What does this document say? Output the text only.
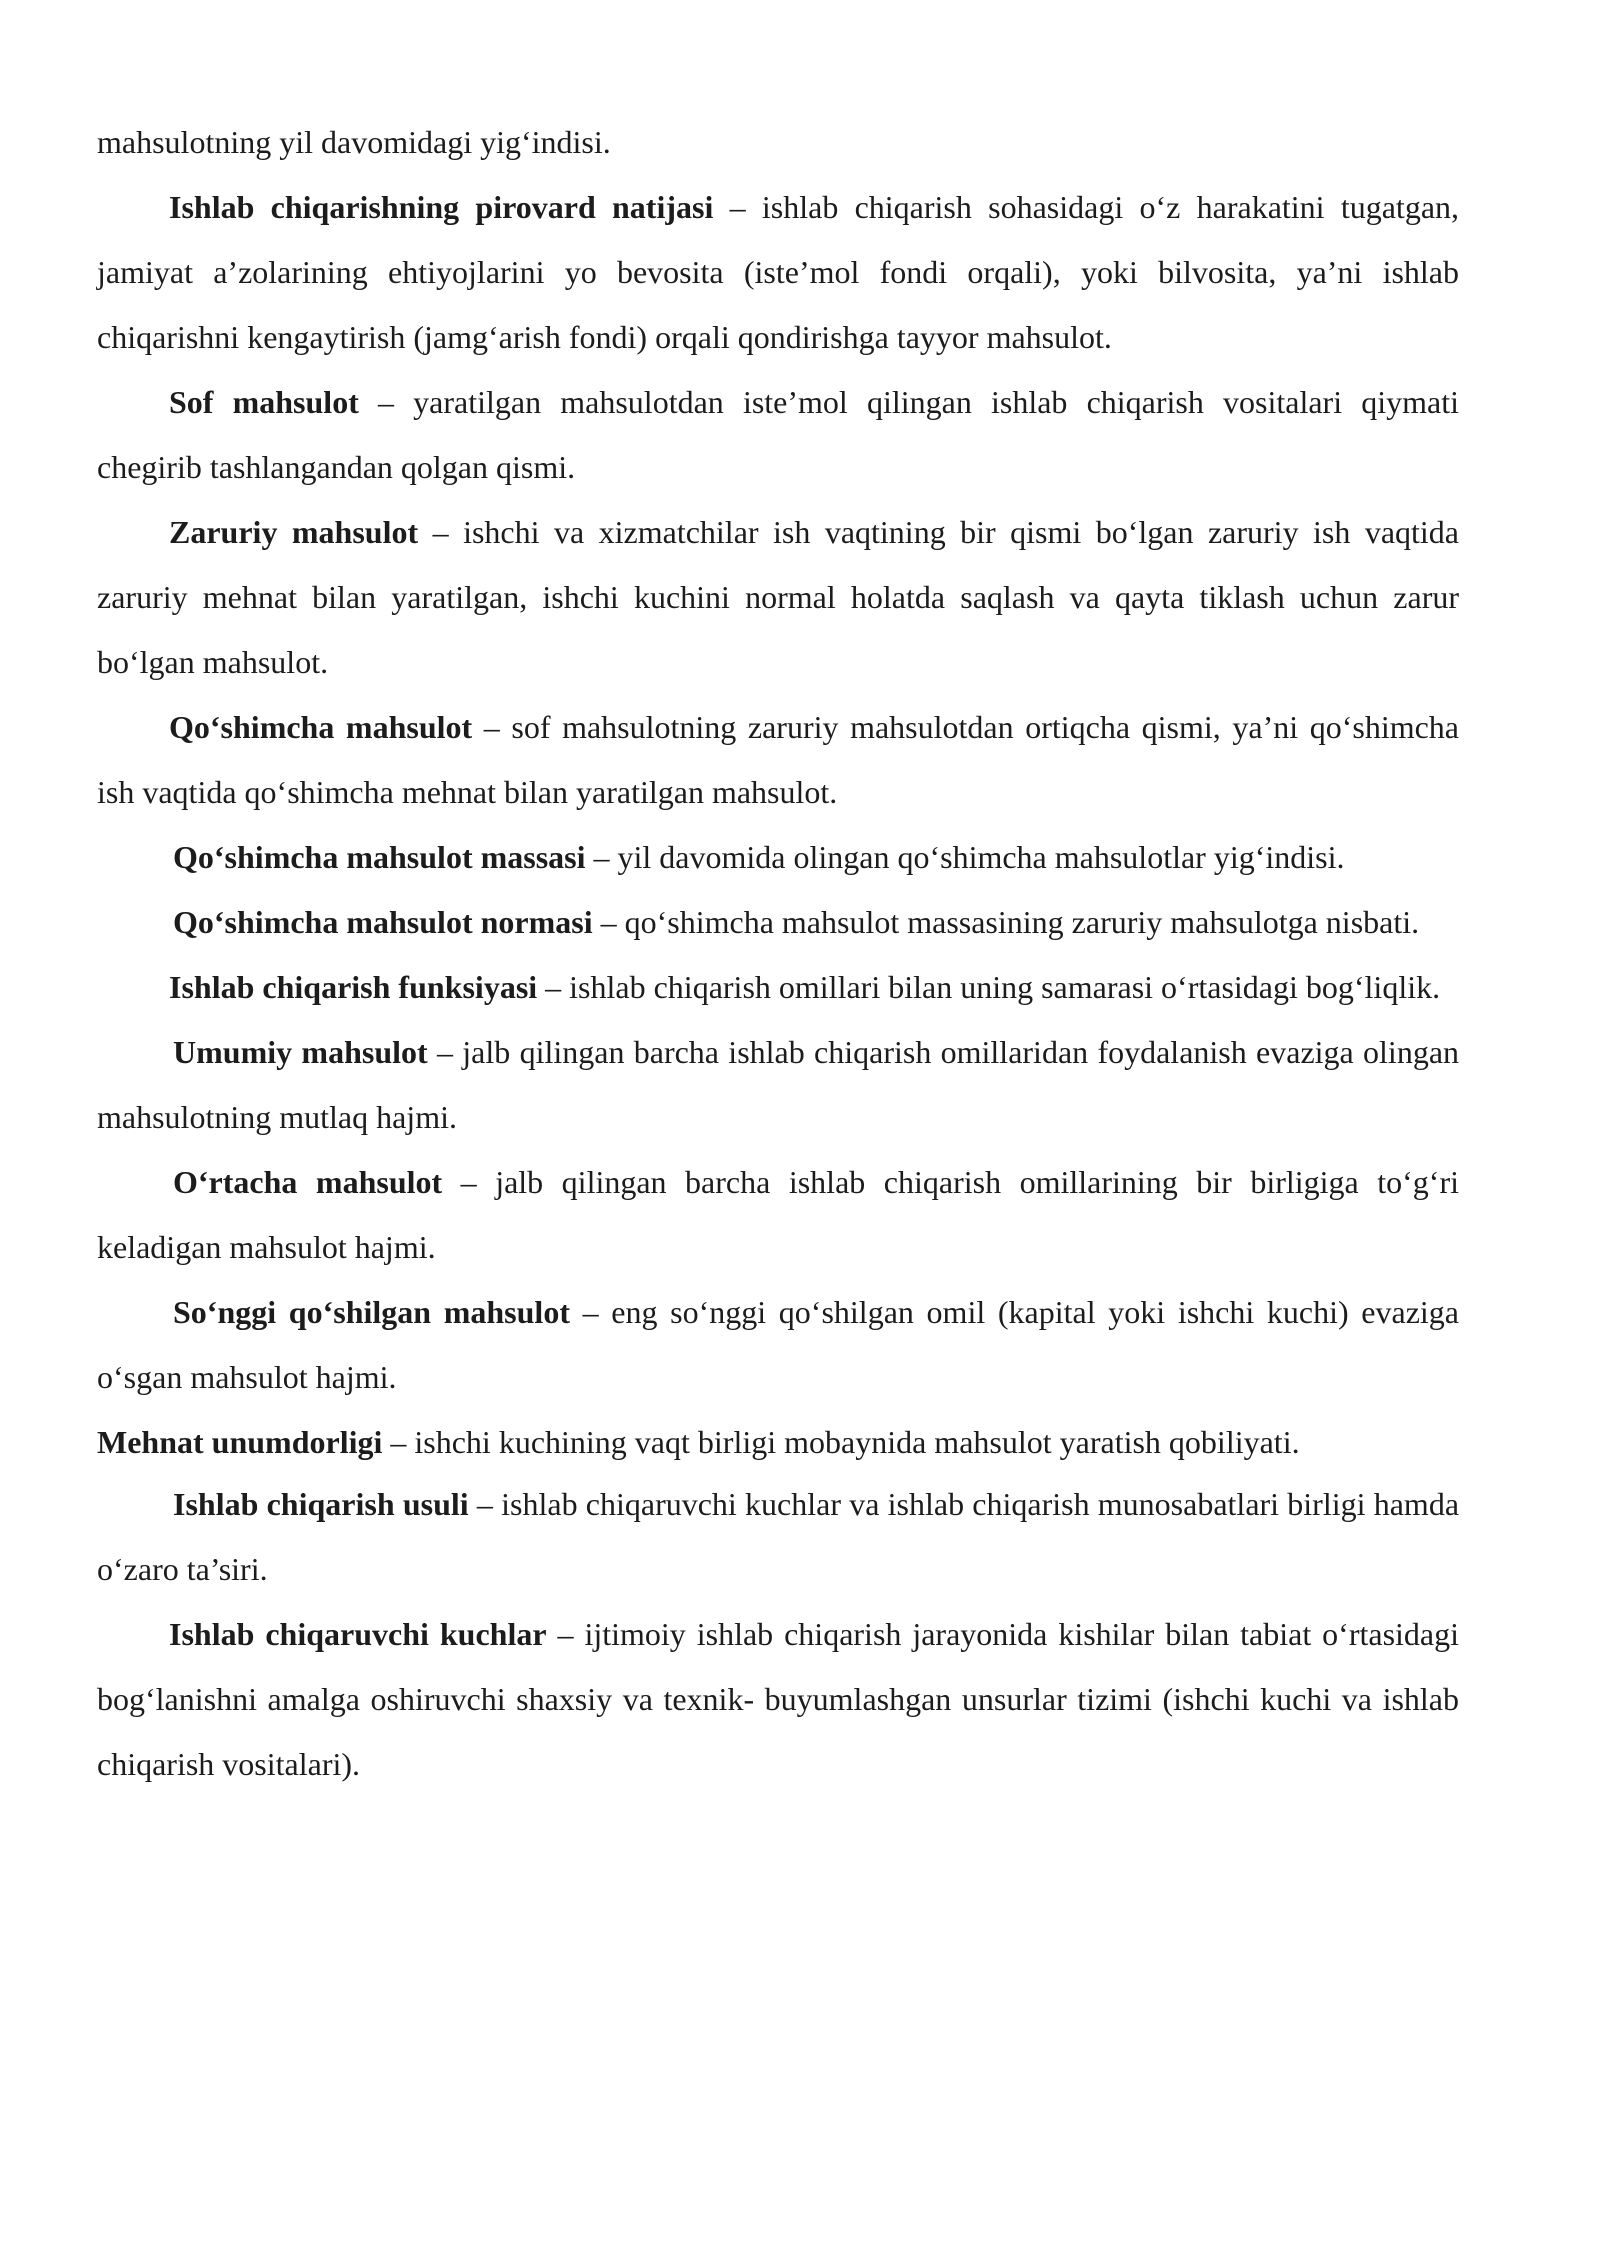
mahsulotning yil davomidagi yig‘indisi.

Ishlab chiqarishning pirovard natijasi – ishlab chiqarish sohasidagi o‘z harakatini tugatgan, jamiyat a’zolarining ehtiyojlarini yo bevosita (iste’mol fondi orqali), yoki bilvosita, ya’ni ishlab chiqarishni kengaytirish (jamg‘arish fondi) orqali qondirishga tayyor mahsulot.

Sof mahsulot – yaratilgan mahsulotdan iste’mol qilingan ishlab chiqarish vositalari qiymati chegirib tashlangandan qolgan qismi.

Zaruriy mahsulot – ishchi va xizmatchilar ish vaqtining bir qismi bo‘lgan zaruriy ish vaqtida zaruriy mehnat bilan yaratilgan, ishchi kuchini normal holatda saqlash va qayta tiklash uchun zarur bo‘lgan mahsulot.

Qo‘shimcha mahsulot – sof mahsulotning zaruriy mahsulotdan ortiqcha qismi, ya’ni qo‘shimcha ish vaqtida qo‘shimcha mehnat bilan yaratilgan mahsulot.

Qo‘shimcha mahsulot massasi – yil davomida olingan qo‘shimcha mahsulotlar yig‘indisi.

Qo‘shimcha mahsulot normasi – qo‘shimcha mahsulot massasining zaruriy mahsulotga nisbati.

Ishlab chiqarish funksiyasi – ishlab chiqarish omillari bilan uning samarasi o‘rtasidagi bog‘liqlik.

Umumiy mahsulot – jalb qilingan barcha ishlab chiqarish omillaridan foydalanish evaziga olingan mahsulotning mutlaq hajmi.

O‘rtacha mahsulot – jalb qilingan barcha ishlab chiqarish omillarining bir birligiga to‘g‘ri keladigan mahsulot hajmi.

So‘nggi qo‘shilgan mahsulot – eng so‘nggi qo‘shilgan omil (kapital yoki ishchi kuchi) evaziga o‘sgan mahsulot hajmi.

Mehnat unumdorligi – ishchi kuchining vaqt birligi mobaynida mahsulot yaratish qobiliyati.

Ishlab chiqarish usuli – ishlab chiqaruvchi kuchlar va ishlab chiqarish munosabatlari birligi hamda o‘zaro ta’siri.

Ishlab chiqaruvchi kuchlar – ijtimoiy ishlab chiqarish jarayonida kishilar bilan tabiat o‘rtasidagi bog‘lanishni amalga oshiruvchi shaxsiy va texnik- buyumlashgan unsurlar tizimi (ishchi kuchi va ishlab chiqarish vositalari).
